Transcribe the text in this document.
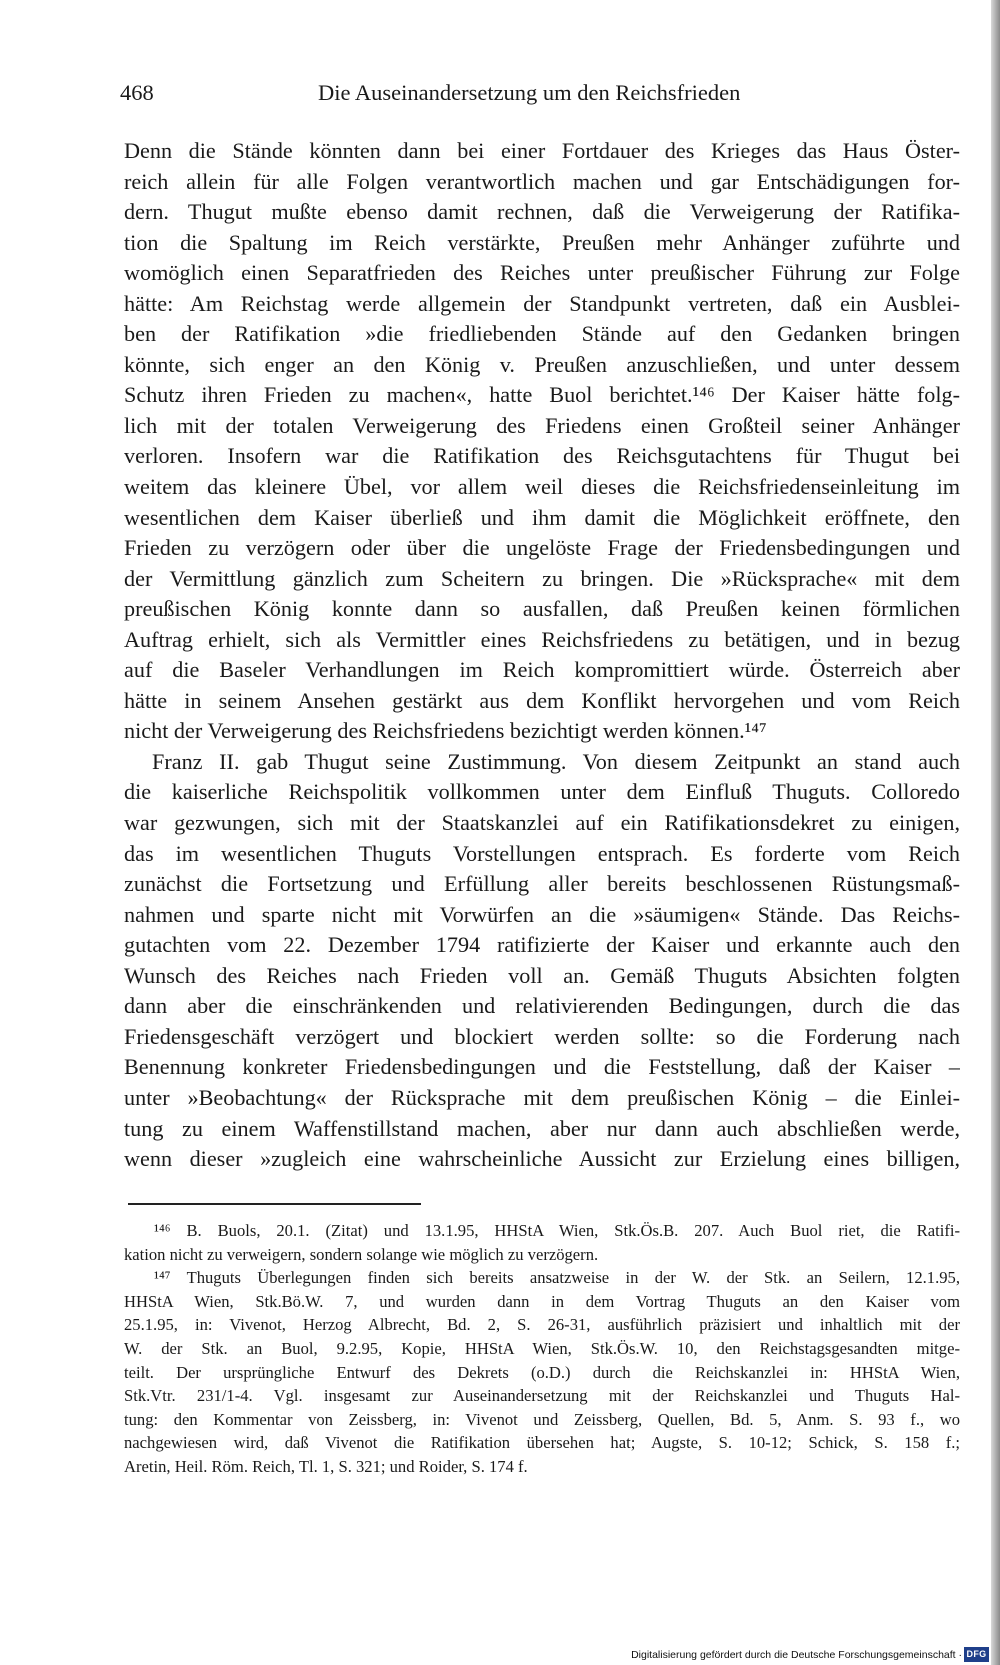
468	Die Auseinandersetzung um den Reichsfrieden
Denn die Stände könnten dann bei einer Fortdauer des Krieges das Haus Öster-
reich allein für alle Folgen verantwortlich machen und gar Entschädigungen for-
dern. Thugut mußte ebenso damit rechnen, daß die Verweigerung der Ratifika-
tion die Spaltung im Reich verstärkte, Preußen mehr Anhänger zuführte und
womöglich einen Separatfrieden des Reiches unter preußischer Führung zur Folge
hätte: Am Reichstag werde allgemein der Standpunkt vertreten, daß ein Ausblei-
ben der Ratifikation »die friedliebenden Stände auf den Gedanken bringen
könnte, sich enger an den König v. Preußen anzuschließen, und unter dessem
Schutz ihren Frieden zu machen«, hatte Buol berichtet.¹⁴⁶ Der Kaiser hätte folg-
lich mit der totalen Verweigerung des Friedens einen Großteil seiner Anhänger
verloren. Insofern war die Ratifikation des Reichsgutachtens für Thugut bei
weitem das kleinere Übel, vor allem weil dieses die Reichsfriedenseinleitung im
wesentlichen dem Kaiser überließ und ihm damit die Möglichkeit eröffnete, den
Frieden zu verzögern oder über die ungelöste Frage der Friedensbedingungen und
der Vermittlung gänzlich zum Scheitern zu bringen. Die »Rücksprache« mit dem
preußischen König konnte dann so ausfallen, daß Preußen keinen förmlichen
Auftrag erhielt, sich als Vermittler eines Reichsfriedens zu betätigen, und in bezug
auf die Baseler Verhandlungen im Reich kompromittiert würde. Österreich aber
hätte in seinem Ansehen gestärkt aus dem Konflikt hervorgehen und vom Reich
nicht der Verweigerung des Reichsfriedens bezichtigt werden können.¹⁴⁷
Franz II. gab Thugut seine Zustimmung. Von diesem Zeitpunkt an stand auch
die kaiserliche Reichspolitik vollkommen unter dem Einfluß Thuguts. Colloredo
war gezwungen, sich mit der Staatskanzlei auf ein Ratifikationsdekret zu einigen,
das im wesentlichen Thuguts Vorstellungen entsprach. Es forderte vom Reich
zunächst die Fortsetzung und Erfüllung aller bereits beschlossenen Rüstungsmaß-
nahmen und sparte nicht mit Vorwürfen an die »säumigen« Stände. Das Reichs-
gutachten vom 22. Dezember 1794 ratifizierte der Kaiser und erkannte auch den
Wunsch des Reiches nach Frieden voll an. Gemäß Thuguts Absichten folgten
dann aber die einschränkenden und relativierenden Bedingungen, durch die das
Friedensgeschäft verzögert und blockiert werden sollte: so die Forderung nach
Benennung konkreter Friedensbedingungen und die Feststellung, daß der Kaiser –
unter »Beobachtung« der Rücksprache mit dem preußischen König – die Einlei-
tung zu einem Waffenstillstand machen, aber nur dann auch abschließen werde,
wenn dieser »zugleich eine wahrscheinliche Aussicht zur Erzielung eines billigen,
¹⁴⁶ B. Buols, 20.1. (Zitat) und 13.1.95, HHStA Wien, Stk.Ös.B. 207. Auch Buol riet, die Ratifi-
kation nicht zu verweigern, sondern solange wie möglich zu verzögern.
¹⁴⁷ Thuguts Überlegungen finden sich bereits ansatzweise in der W. der Stk. an Seilern, 12.1.95,
HHStA Wien, Stk.Bö.W. 7, und wurden dann in dem Vortrag Thuguts an den Kaiser vom
25.1.95, in: Vivenot, Herzog Albrecht, Bd. 2, S. 26-31, ausführlich präzisiert und inhaltlich mit der
W. der Stk. an Buol, 9.2.95, Kopie, HHStA Wien, Stk.Ös.W. 10, den Reichstagsgesandten mitge-
teilt. Der ursprüngliche Entwurf des Dekrets (o.D.) durch die Reichskanzlei in: HHStA Wien,
Stk.Vtr. 231/1-4. Vgl. insgesamt zur Auseinandersetzung mit der Reichskanzlei und Thuguts Hal-
tung: den Kommentar von Zeissberg, in: Vivenot und Zeissberg, Quellen, Bd. 5, Anm. S. 93 f., wo
nachgewiesen wird, daß Vivenot die Ratifikation übersehen hat; Augste, S. 10-12; Schick, S. 158 f.;
Aretin, Heil. Röm. Reich, Tl. 1, S. 321; und Roider, S. 174 f.
Digitalisierung gefördert durch die Deutsche Forschungsgemeinschaft · DFG
